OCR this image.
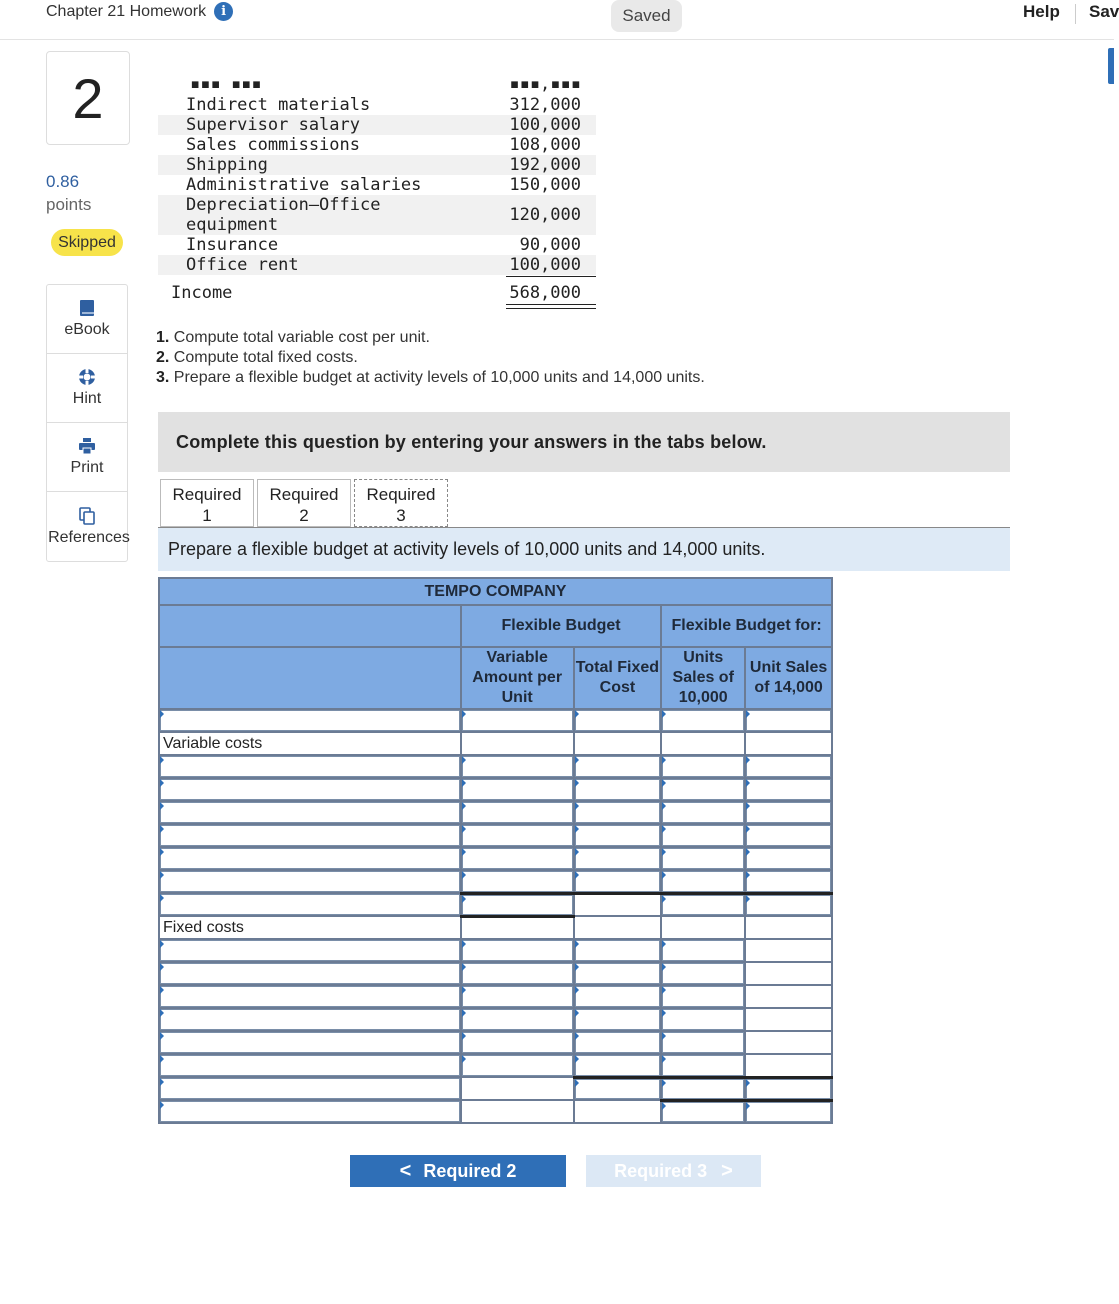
Chapter 21 Homework	i	Saved	Help Sav
2
0.86
points
Skipped
eBook
Hint
Print
References
▪▪▪,▪▪▪
▪▪▪ ▪▪▪
Indirect materials	312,000
Supervisor salary	100,000
Sales commissions	108,000
Shipping	192,000
Administrative salaries	150,000
Depreciation—Office
equipment	120,000
Insurance	90,000
Office rent	100,000
Income	568,000
1. Compute total variable cost per unit.
2. Compute total fixed costs.
3. Prepare a flexible budget at activity levels of 10,000 units and 14,000 units.
Complete this question by entering your answers in the tabs below.
Required
1
Required
2
Required
3
Prepare a flexible budget at activity levels of 10,000 units and 14,000 units.
TEMPO COMPANY				
	Flexible Budget		Flexible Budget for:	
	Variable Amount per Unit	Total Fixed Cost	Units Sales of 10,000	Unit Sales of 14,000

Variable costs				

Fixed costs				

< Required 2	Required 3 >
